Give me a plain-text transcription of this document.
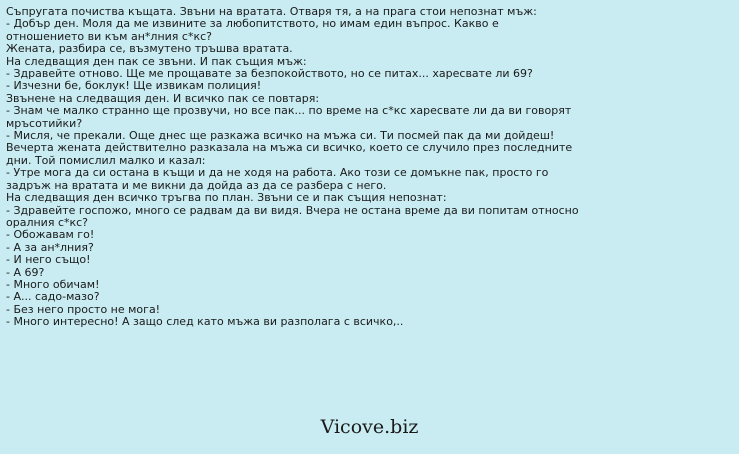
Съпругата почиства къщата. Звъни на вратата. Отваря тя, а на прага стои непознат мъж:
- Добър ден. Моля да ме извините за любопитството, но имам един въпрос. Какво е
отношението ви към ан*лния с*кс?
Жената, разбира се, възмутено тръшва вратата.
На следващия ден пак се звъни. И пак същия мъж:
- Здравейте отново. Ще ме прощавате за безпокойството, но се питах... харесвате ли 69?
- Изчезни бе, боклук! Ще извикам полиция!
Звънене на следващия ден. И всичко пак се повтаря:
- Знам че малко странно ще прозвучи, но все пак... по време на с*кс харесвате ли да ви говорят
мръсотийки?
- Мисля, че прекали. Още днес ще разкажа всичко на мъжа си. Ти посмей пак да ми дойдеш!
Вечерта жената действително разказала на мъжа си всичко, което се случило през последните
дни. Той помислил малко и казал:
- Утре мога да си остана в къщи и да не ходя на работа. Ако този се домъкне пак, просто го
задръж на вратата и ме викни да дойда аз да се разбера с него.
На следващия ден всичко тръгва по план. Звъни се и пак същия непознат:
- Здравейте госпожо, много се радвам да ви видя. Вчера не остана време да ви попитам относно
оралния с*кс?
- Обожавам го!
- А за ан*лния?
- И него също!
- А 69?
- Много обичам!
- А... садо-мазо?
- Без него просто не мога!
- Много интересно! А защо след като мъжа ви разполага с всичко,..
Vicove.biz
